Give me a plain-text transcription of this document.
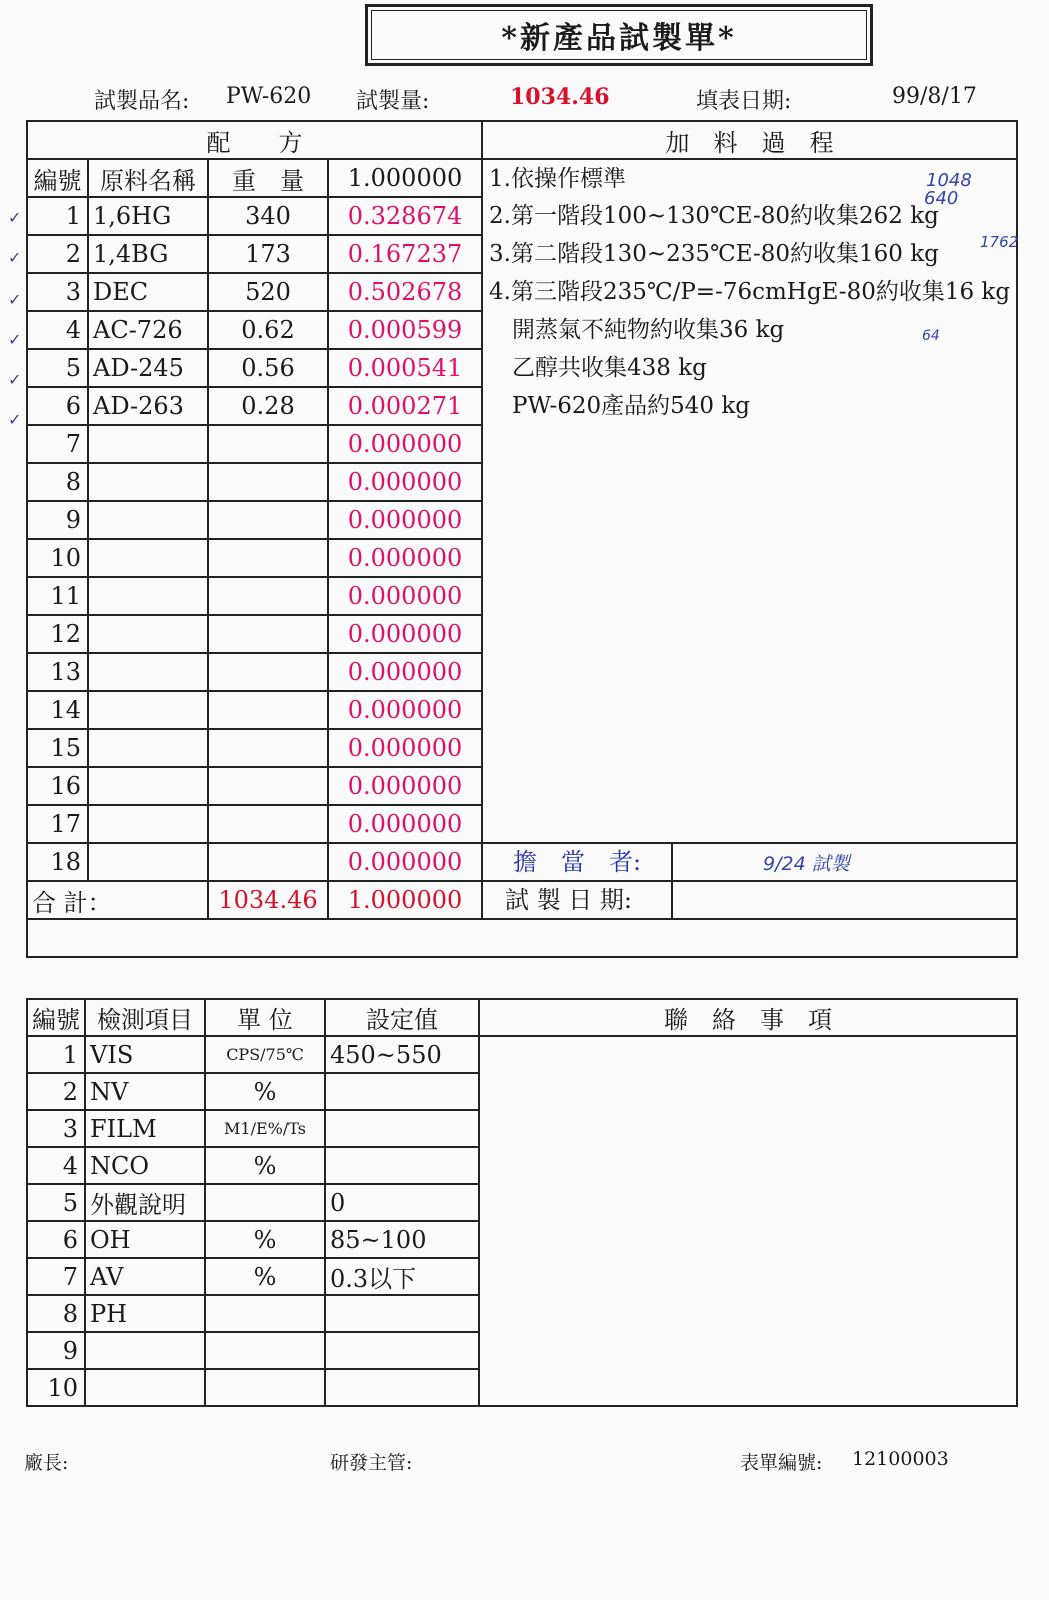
*新產品試製單*
試製品名: PW-620 試製量:	1034.46	填表日期:	99/8/17
配　　方				加　料　過　程
編號	原料名稱	重　量	1.000000	1.依操作標準
1	1,6HG	340	0.328674	2.第一階段100~130℃E-80約收集262 kg
2	1,4BG	173	0.167237	3.第二階段130~235℃E-80約收集160 kg
3	DEC	520	0.502678	4.第三階段235℃/P=-76cmHgE-80約收集16 kg
4	AC-726	0.62	0.000599	　開蒸氣不純物約收集36 kg
5	AD-245	0.56	0.000541	　乙醇共收集438 kg
6	AD-263	0.28	0.000271	　PW-620產品約540 kg
7			0.000000	
8			0.000000	
9			0.000000	
10			0.000000	
11			0.000000	
12			0.000000	
13			0.000000	
14			0.000000	
15			0.000000	
16			0.000000	
17			0.000000	
18			0.000000	擔　當　者: 9/24 試製

合 計：		1034.46	1.000000	試 製 日 期:

編號	檢測項目	單 位	設定值	聯　絡　事　項
1	VIS	CPS/75℃	450~550	
2	NV	%		
3	FILM	M1/E%/Ts		
4	NCO	%		
5	外觀說明		0	
6	OH	%	85~100	
7	AV	%	0.3以下	
8	PH			
9				
10				
廠長:	研發主管:	表單編號: 12100003
1048
640
1762
64
✓
✓
✓
✓
✓
✓
